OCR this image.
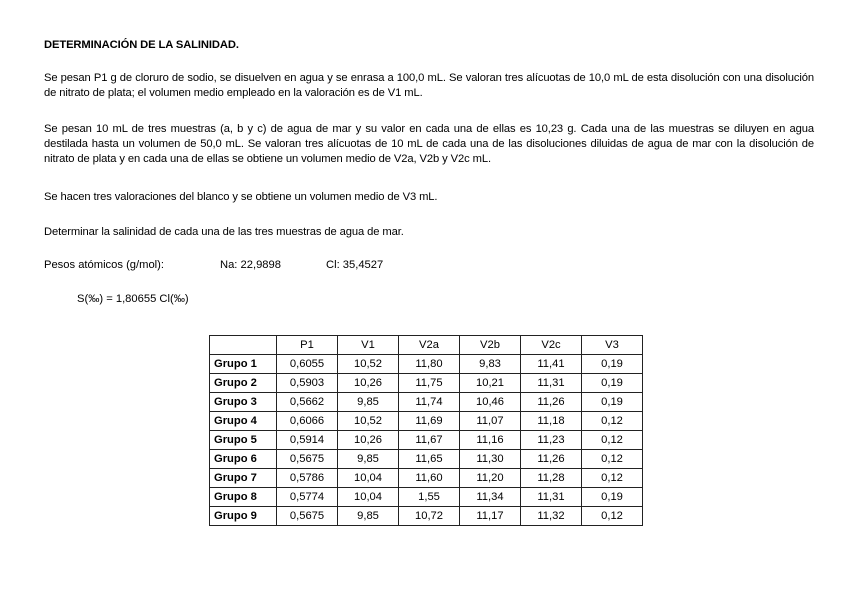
DETERMINACIÓN DE LA SALINIDAD.
Se pesan P1 g de cloruro de sodio, se disuelven en agua y se enrasa a 100,0 mL. Se valoran tres alícuotas de 10,0 mL de esta disolución con una disolución de nitrato de plata; el volumen medio empleado en la valoración es de V1 mL.
Se pesan 10 mL de tres muestras (a, b y c) de agua de mar y su valor en cada una de ellas es 10,23 g. Cada una de las muestras se diluyen en agua destilada hasta un volumen de 50,0 mL. Se valoran tres alícuotas de 10 mL de cada una de las disoluciones diluidas de agua de mar con la disolución de nitrato de plata y en cada una de ellas se obtiene un volumen medio de V2a, V2b y V2c mL.
Se hacen tres valoraciones del blanco y se obtiene un volumen medio de V3 mL.
Determinar la salinidad de cada una de las tres muestras de agua de mar.
Pesos atómicos (g/mol):	Na: 22,9898	Cl: 35,4527
S(‰) = 1,80655 Cl(‰)
	P1	V1	V2a	V2b	V2c	V3
Grupo 1	0,6055	10,52	11,80	9,83	11,41	0,19
Grupo 2	0,5903	10,26	11,75	10,21	11,31	0,19
Grupo 3	0,5662	9,85	11,74	10,46	11,26	0,19
Grupo 4	0,6066	10,52	11,69	11,07	11,18	0,12
Grupo 5	0,5914	10,26	11,67	11,16	11,23	0,12
Grupo 6	0,5675	9,85	11,65	11,30	11,26	0,12
Grupo 7	0,5786	10,04	11,60	11,20	11,28	0,12
Grupo 8	0,5774	10,04	1,55	11,34	11,31	0,19
Grupo 9	0,5675	9,85	10,72	11,17	11,32	0,12
